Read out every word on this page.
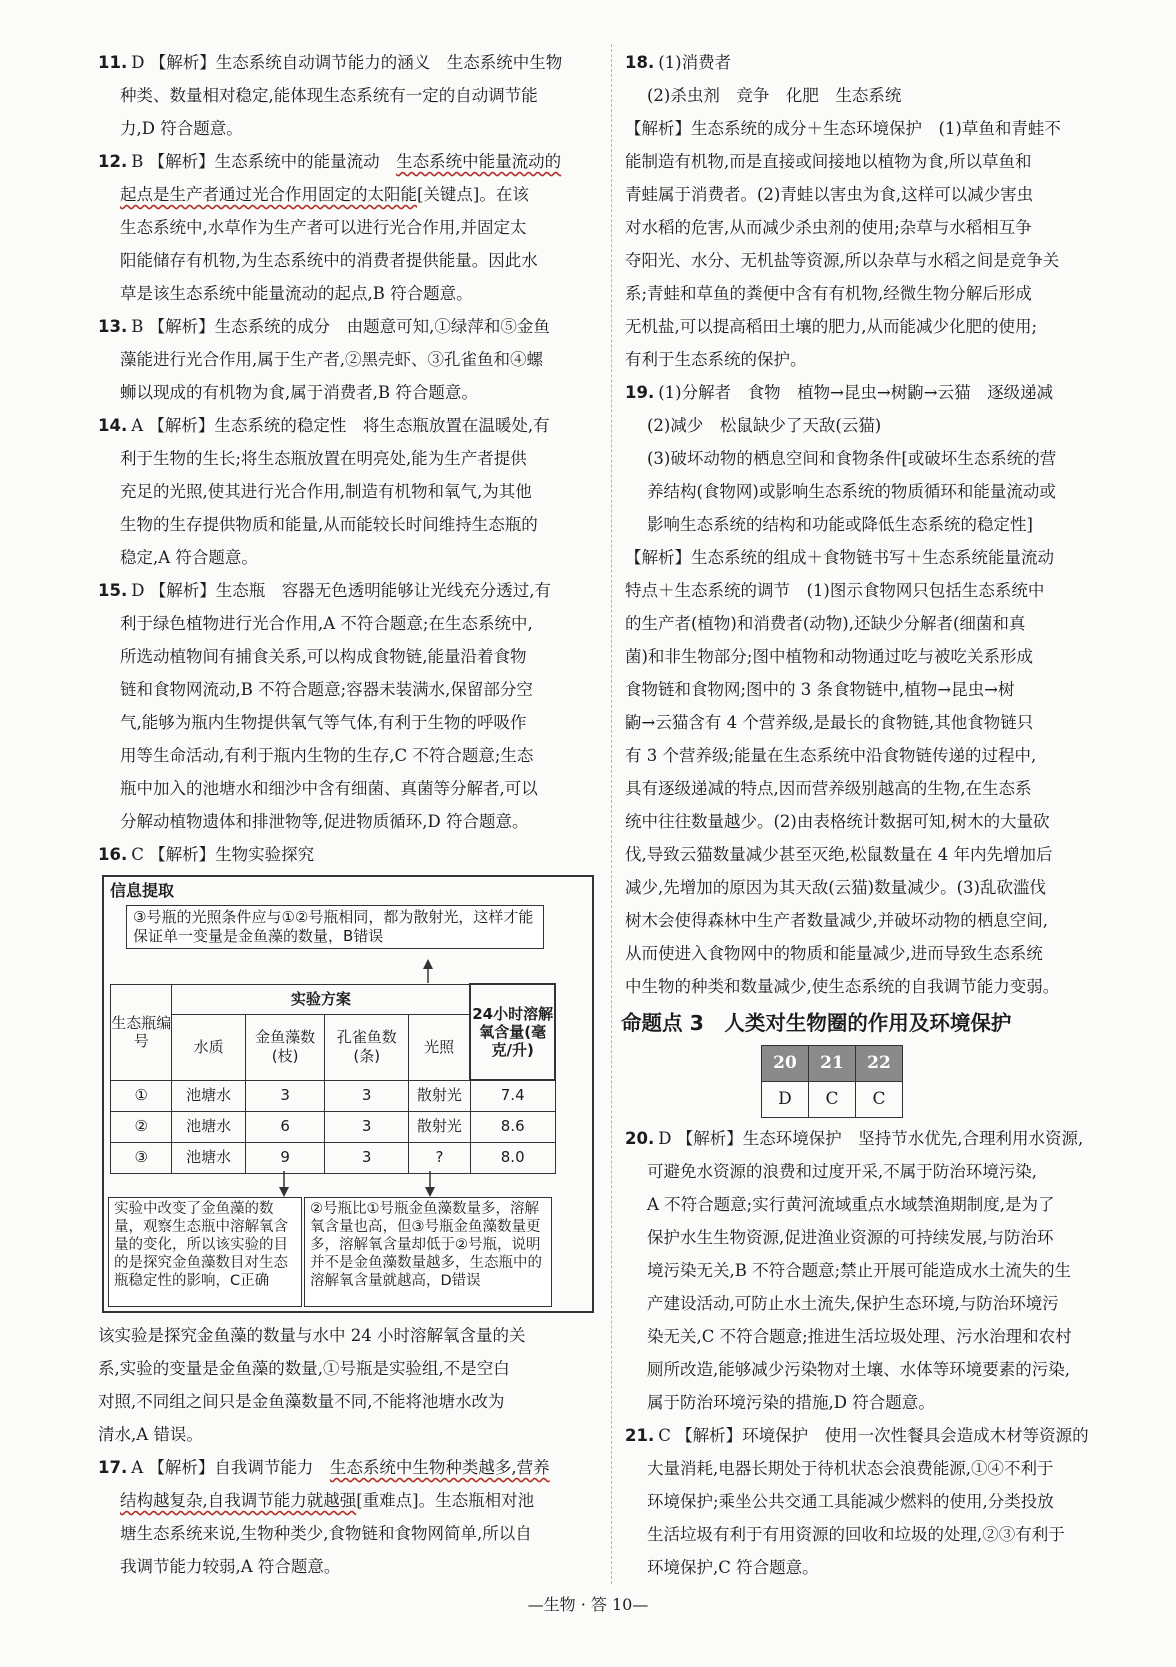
11. D 【解析】生态系统自动调节能力的涵义　生态系统中生物

种类、数量相对稳定,能体现生态系统有一定的自动调节能

力,D 符合题意。

12. B 【解析】生态系统中的能量流动　生态系统中能量流动的

起点是生产者通过光合作用固定的太阳能[关键点]。在该

生态系统中,水草作为生产者可以进行光合作用,并固定太

阳能储存有机物,为生态系统中的消费者提供能量。因此水

草是该生态系统中能量流动的起点,B 符合题意。

13. B 【解析】生态系统的成分　由题意可知,①绿萍和⑤金鱼

藻能进行光合作用,属于生产者,②黑壳虾、③孔雀鱼和④螺

蛳以现成的有机物为食,属于消费者,B 符合题意。

14. A 【解析】生态系统的稳定性　将生态瓶放置在温暖处,有

利于生物的生长;将生态瓶放置在明亮处,能为生产者提供

充足的光照,使其进行光合作用,制造有机物和氧气,为其他

生物的生存提供物质和能量,从而能较长时间维持生态瓶的

稳定,A 符合题意。

15. D 【解析】生态瓶　容器无色透明能够让光线充分透过,有

利于绿色植物进行光合作用,A 不符合题意;在生态系统中,

所选动植物间有捕食关系,可以构成食物链,能量沿着食物

链和食物网流动,B 不符合题意;容器未装满水,保留部分空

气,能够为瓶内生物提供氧气等气体,有利于生物的呼吸作

用等生命活动,有利于瓶内生物的生存,C 不符合题意;生态

瓶中加入的池塘水和细沙中含有细菌、真菌等分解者,可以

分解动植物遗体和排泄物等,促进物质循环,D 符合题意。

16. C 【解析】生物实验探究

信息提取
③号瓶的光照条件应与①②号瓶相同，都为散射光，这样才能保证单一变量是金鱼藻的数量，B错误
生态瓶编号	实验方案				24小时溶解氧含量(毫克/升)
	水质	金鱼藻数(枝)	孔雀鱼数(条)	光照	
①	池塘水	3	3	散射光	7.4
②	池塘水	6	3	散射光	8.6
③	池塘水	9	3	?	8.0
实验中改变了金鱼藻的数量，观察生态瓶中溶解氧含量的变化，所以该实验的目的是探究金鱼藻数目对生态瓶稳定性的影响，C正确
②号瓶比①号瓶金鱼藻数量多，溶解氧含量也高，但③号瓶金鱼藻数量更多，溶解氧含量却低于②号瓶，说明并不是金鱼藻数量越多，生态瓶中的溶解氧含量就越高，D错误

该实验是探究金鱼藻的数量与水中 24 小时溶解氧含量的关

系,实验的变量是金鱼藻的数量,①号瓶是实验组,不是空白

对照,不同组之间只是金鱼藻数量不同,不能将池塘水改为

清水,A 错误。

17. A 【解析】自我调节能力　生态系统中生物种类越多,营养

结构越复杂,自我调节能力就越强[重难点]。生态瓶相对池

塘生态系统来说,生物种类少,食物链和食物网简单,所以自

我调节能力较弱,A 符合题意。

18. (1)消费者

(2)杀虫剂　竞争　化肥　生态系统

【解析】生态系统的成分＋生态环境保护　(1)草鱼和青蛙不

能制造有机物,而是直接或间接地以植物为食,所以草鱼和

青蛙属于消费者。(2)青蛙以害虫为食,这样可以减少害虫

对水稻的危害,从而减少杀虫剂的使用;杂草与水稻相互争

夺阳光、水分、无机盐等资源,所以杂草与水稻之间是竞争关

系;青蛙和草鱼的粪便中含有有机物,经微生物分解后形成

无机盐,可以提高稻田土壤的肥力,从而能减少化肥的使用;

有利于生态系统的保护。

19. (1)分解者　食物　植物→昆虫→树鼩→云猫　逐级递减

(2)减少　松鼠缺少了天敌(云猫)

(3)破坏动物的栖息空间和食物条件[或破坏生态系统的营

养结构(食物网)或影响生态系统的物质循环和能量流动或

影响生态系统的结构和功能或降低生态系统的稳定性]

【解析】生态系统的组成＋食物链书写＋生态系统能量流动

特点＋生态系统的调节　(1)图示食物网只包括生态系统中

的生产者(植物)和消费者(动物),还缺少分解者(细菌和真

菌)和非生物部分;图中植物和动物通过吃与被吃关系形成

食物链和食物网;图中的 3 条食物链中,植物→昆虫→树

鼩→云猫含有 4 个营养级,是最长的食物链,其他食物链只

有 3 个营养级;能量在生态系统中沿食物链传递的过程中,

具有逐级递减的特点,因而营养级别越高的生物,在生态系

统中往往数量越少。(2)由表格统计数据可知,树木的大量砍

伐,导致云猫数量减少甚至灭绝,松鼠数量在 4 年内先增加后

减少,先增加的原因为其天敌(云猫)数量减少。(3)乱砍滥伐

树木会使得森林中生产者数量减少,并破坏动物的栖息空间,

从而使进入食物网中的物质和能量减少,进而导致生态系统

中生物的种类和数量减少,使生态系统的自我调节能力变弱。

命题点 3　人类对生物圈的作用及环境保护
20	21	22
D	C	C

20. D 【解析】生态环境保护　坚持节水优先,合理利用水资源,

可避免水资源的浪费和过度开采,不属于防治环境污染,

A 不符合题意;实行黄河流域重点水域禁渔期制度,是为了

保护水生生物资源,促进渔业资源的可持续发展,与防治环

境污染无关,B 不符合题意;禁止开展可能造成水土流失的生

产建设活动,可防止水土流失,保护生态环境,与防治环境污

染无关,C 不符合题意;推进生活垃圾处理、污水治理和农村

厕所改造,能够减少污染物对土壤、水体等环境要素的污染,

属于防治环境污染的措施,D 符合题意。

21. C 【解析】环境保护　使用一次性餐具会造成木材等资源的

大量消耗,电器长期处于待机状态会浪费能源,①④不利于

环境保护;乘坐公共交通工具能减少燃料的使用,分类投放

生活垃圾有利于有用资源的回收和垃圾的处理,②③有利于

环境保护,C 符合题意。

—生物 · 答 10—
